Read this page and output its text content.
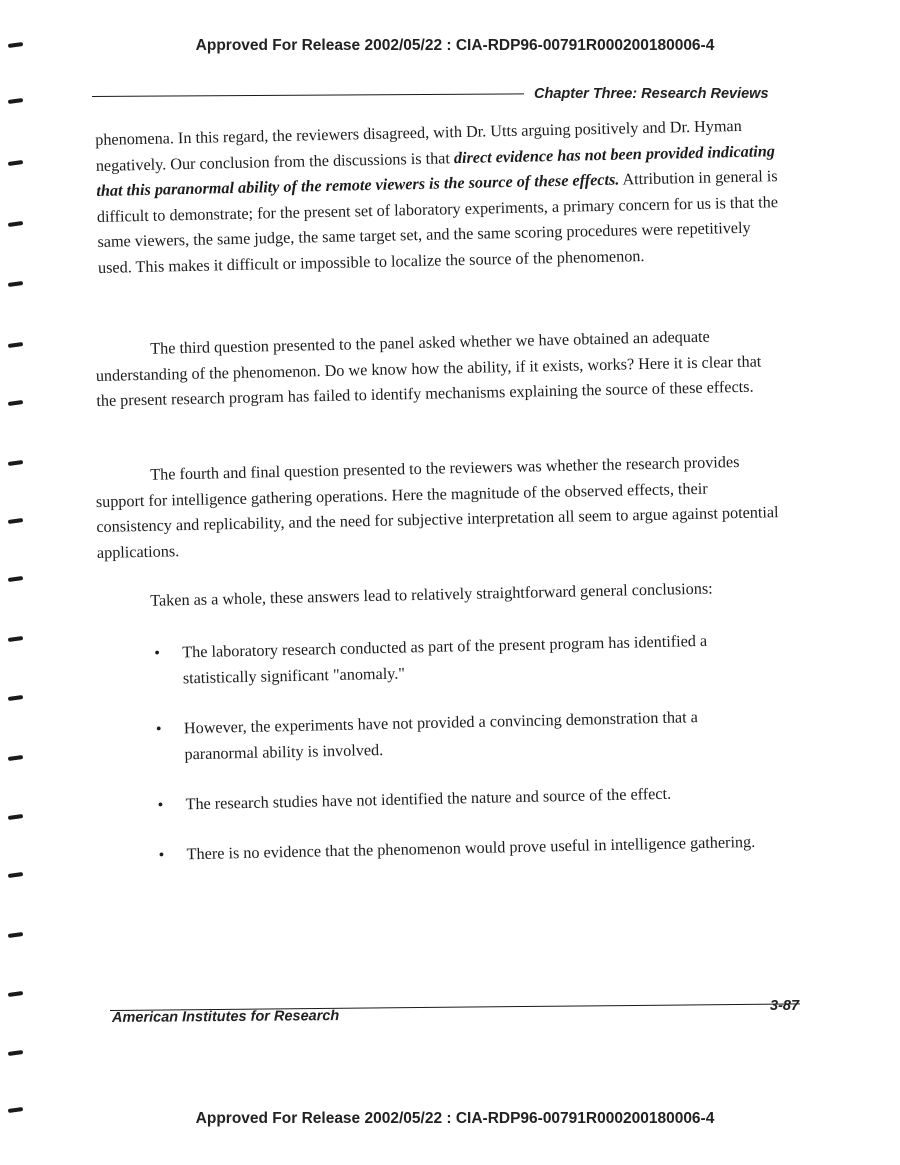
Approved For Release 2002/05/22 : CIA-RDP96-00791R000200180006-4
Chapter Three: Research Reviews

phenomena. In this regard, the reviewers disagreed, with Dr. Utts arguing positively and Dr. Hyman negatively. Our conclusion from the discussions is that direct evidence has not been provided indicating that this paranormal ability of the remote viewers is the source of these effects. Attribution in general is difficult to demonstrate; for the present set of laboratory experiments, a primary concern for us is that the same viewers, the same judge, the same target set, and the same scoring procedures were repetitively used. This makes it difficult or impossible to localize the source of the phenomenon.

The third question presented to the panel asked whether we have obtained an adequate understanding of the phenomenon. Do we know how the ability, if it exists, works? Here it is clear that the present research program has failed to identify mechanisms explaining the source of these effects.

The fourth and final question presented to the reviewers was whether the research provides support for intelligence gathering operations. Here the magnitude of the observed effects, their consistency and replicability, and the need for subjective interpretation all seem to argue against potential applications.

Taken as a whole, these answers lead to relatively straightforward general conclusions:

• The laboratory research conducted as part of the present program has identified a statistically significant "anomaly."
• However, the experiments have not provided a convincing demonstration that a paranormal ability is involved.
• The research studies have not identified the nature and source of the effect.
• There is no evidence that the phenomenon would prove useful in intelligence gathering.
American Institutes for Research
3-87
Approved For Release 2002/05/22 : CIA-RDP96-00791R000200180006-4
